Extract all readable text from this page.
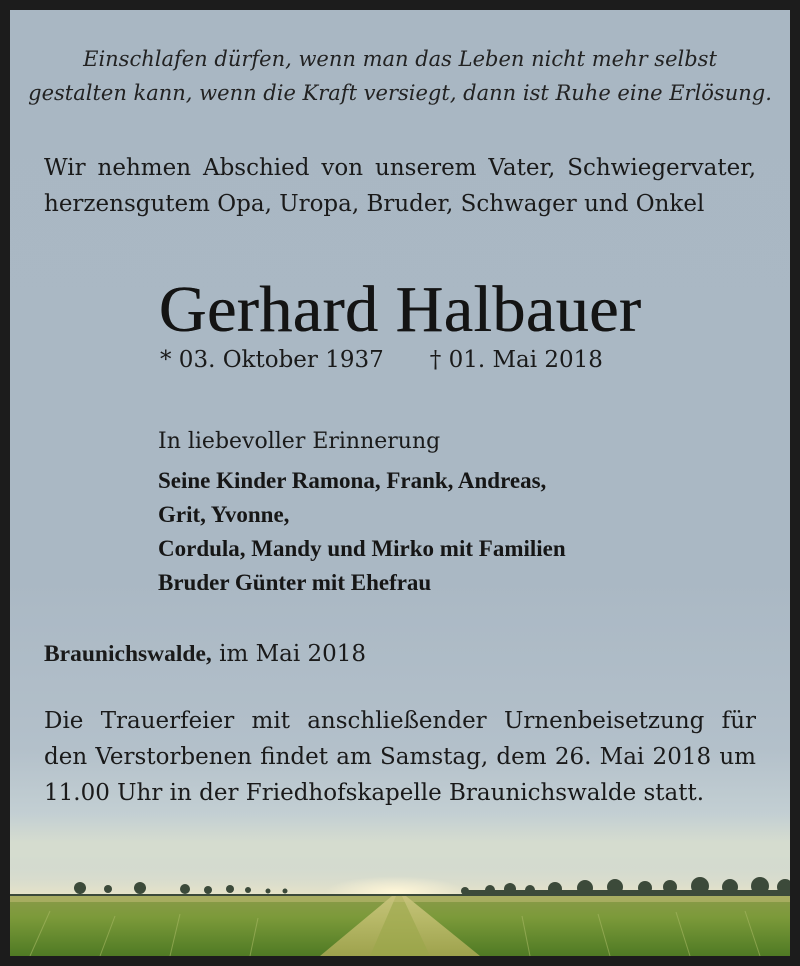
Einschlafen dürfen, wenn man das Leben nicht mehr selbst
gestalten kann, wenn die Kraft versiegt, dann ist Ruhe eine Erlösung.
Wir nehmen Abschied von unserem Vater, Schwiegervater, herzensgutem Opa, Uropa, Bruder, Schwager und Onkel
Gerhard Halbauer
* 03. Oktober 1937 † 01. Mai 2018
In liebevoller Erinnerung
Seine Kinder Ramona, Frank, Andreas,
Grit, Yvonne,
Cordula, Mandy und Mirko mit Familien
Bruder Günter mit Ehefrau
Braunichswalde, im Mai 2018
Die Trauerfeier mit anschließender Urnenbeisetzung für den Verstorbenen findet am Samstag, dem 26. Mai 2018 um 11.00 Uhr in der Friedhofskapelle Braunichswalde statt.
